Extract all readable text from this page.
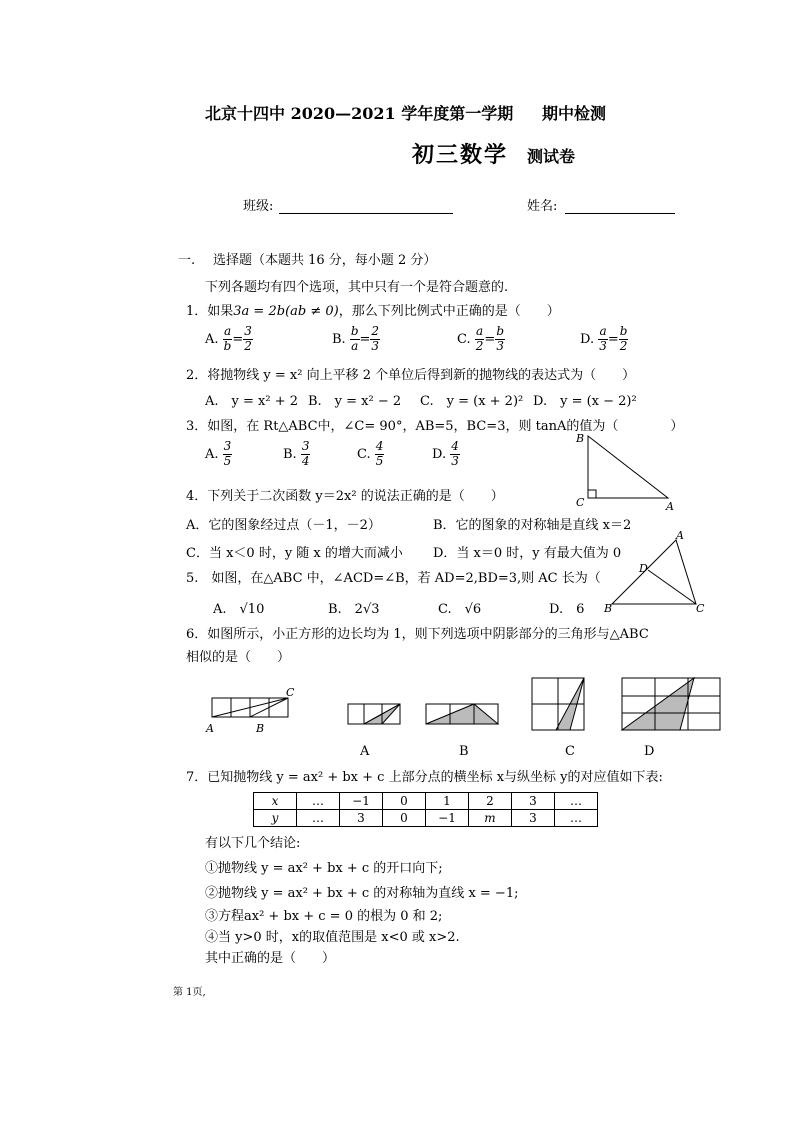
北京十四中 2020—2021 学年度第一学期 期中检测
初三数学 测试卷
班级:	姓名:
一. 选择题（本题共 16 分，每小题 2 分）
下列各题均有四个选项，其中只有一个是符合题意的.
1．如果3a = 2b(ab ≠ 0)，那么下列比例式中正确的是（　　）
A. $\frac{a}{b} = \frac{3}{2}$	B. $\frac{b}{a} = \frac{2}{3}$	C. $\frac{a}{2} = \frac{b}{3}$	D. $\frac{a}{3} = \frac{b}{2}$
2．将抛物线 y = x² 向上平移 2 个单位后得到新的抛物线的表达式为（　　）
A.　y = x² + 2 B.　y = x² − 2 C.　y = (x + 2)² D.　y = (x − 2)²
3．如图，在 Rt△ABC中，∠C= 90°，AB=5，BC=3，则 tanA的值为（　　　　）
A. $\frac{3}{5}$	B. $\frac{3}{4}$	C. $\frac{4}{5}$	D. $\frac{4}{3}$
B
C	A
4．下列关于二次函数 y＝2x² 的说法正确的是（　　）
A．它的图象经过点（－1，－2）	B．它的图象的对称轴是直线 x＝2
C．当 x＜0 时，y 随 x 的增大而减小 D．当 x＝0 时，y 有最大值为 0
5.　如图，在△ABC 中，∠ACD=∠B，若 AD=2,BD=3,则 AC 长为（
A.　√10	B.　2√3	C.　√6	D.　6
A
D
B	C
6．如图所示，小正方形的边长均为 1，则下列选项中阴影部分的三角形与△ABC
相似的是（　　）
C
A	B
A	B	C	D
7．已知抛物线 y = ax² + bx + c 上部分点的横坐标 x与纵坐标 y的对应值如下表:
x	…	−1	0	1	2	3	…
y	…	3	0	−1	m	3	…
有以下几个结论:
①抛物线 y = ax² + bx + c 的开口向下;
②抛物线 y = ax² + bx + c 的对称轴为直线 x = −1;
③方程ax² + bx + c = 0 的根为 0 和 2;
④当 y>0 时，x的取值范围是 x<0 或 x>2.
其中正确的是（　　）
第 1页,
